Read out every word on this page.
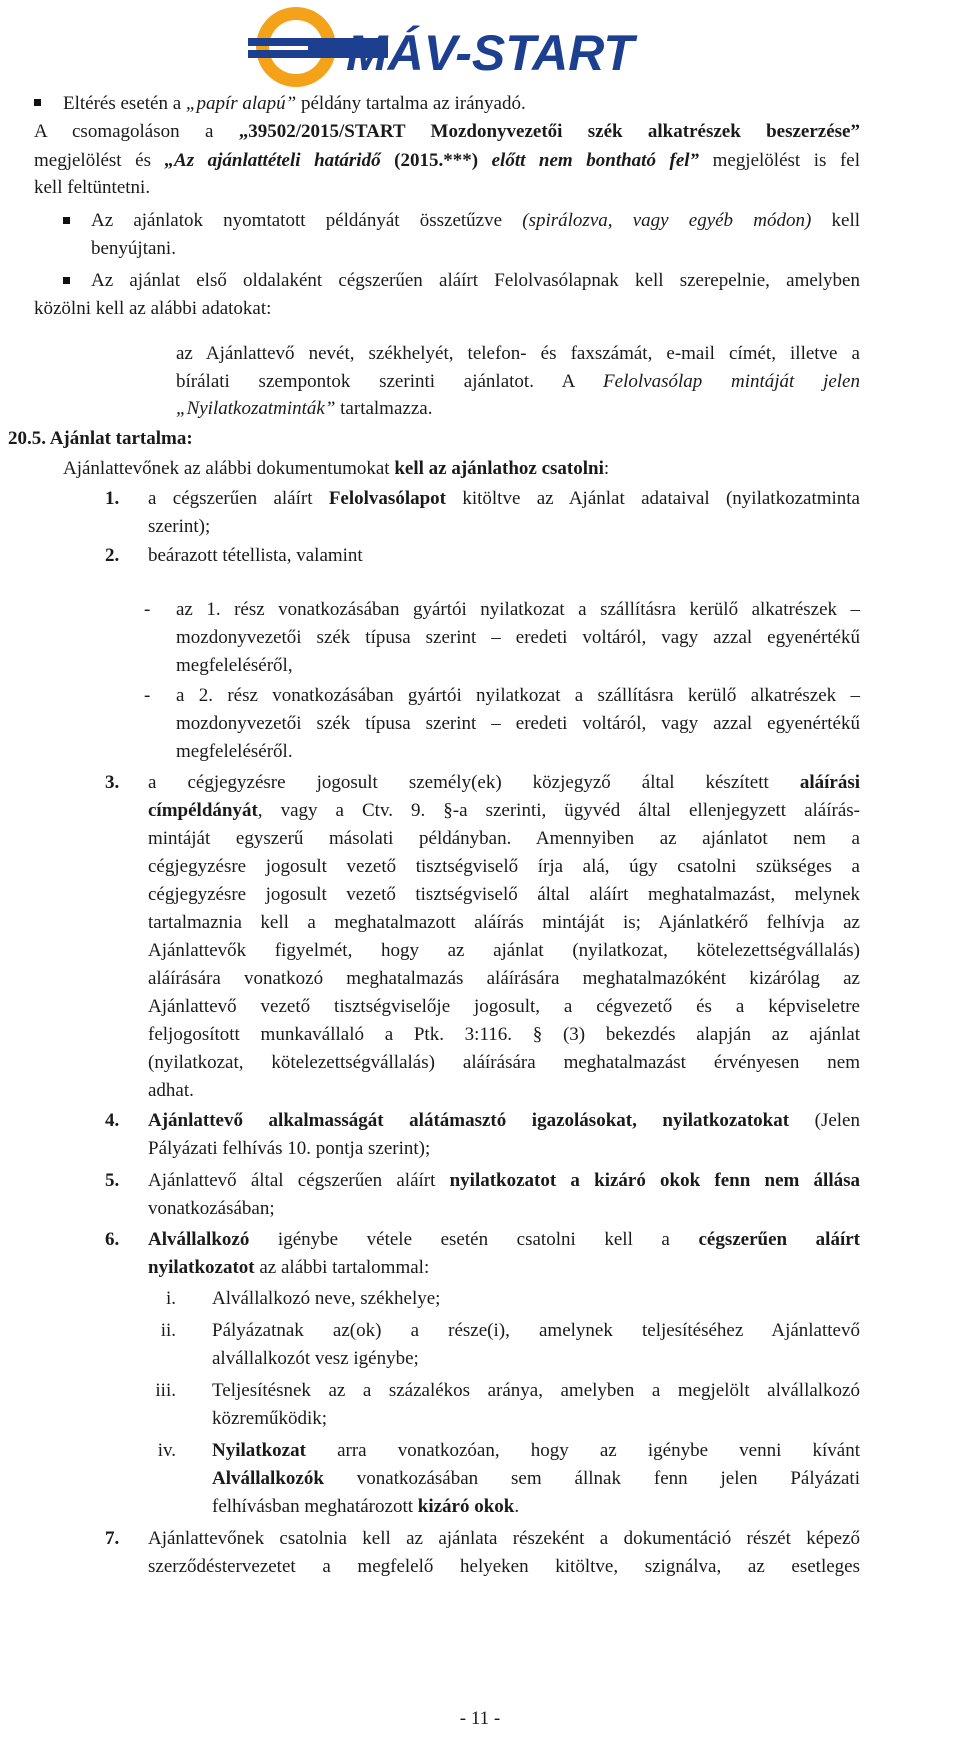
MÁV-START
Eltérés esetén a „papír alapú” példány tartalma az irányadó.
A csomagoláson a „39502/2015/START Mozdonyvezetői szék alkatrészek beszerzése”
megjelölést és „Az ajánlattételi határidő (2015.***) előtt nem bontható fel” megjelölést is fel
kell feltüntetni.
Az ajánlatok nyomtatott példányát összetűzve (spirálozva, vagy egyéb módon) kell
benyújtani.
Az ajánlat első oldalaként cégszerűen aláírt Felolvasólapnak kell szerepelnie, amelyben
közölni kell az alábbi adatokat:
az Ajánlattevő nevét, székhelyét, telefon- és faxszámát, e-mail címét, illetve a
bírálati szempontok szerinti ajánlatot. A Felolvasólap mintáját jelen
„Nyilatkozatminták” tartalmazza.
20.5. Ajánlat tartalma:
Ajánlattevőnek az alábbi dokumentumokat kell az ajánlathoz csatolni:
1. a cégszerűen aláírt Felolvasólapot kitöltve az Ajánlat adataival (nyilatkozatminta
szerint);
2. beárazott tétellista, valamint
- az 1. rész vonatkozásában gyártói nyilatkozat a szállításra kerülő alkatrészek –
mozdonyvezetői szék típusa szerint – eredeti voltáról, vagy azzal egyenértékű
megfeleléséről,
- a 2. rész vonatkozásában gyártói nyilatkozat a szállításra kerülő alkatrészek –
mozdonyvezetői szék típusa szerint – eredeti voltáról, vagy azzal egyenértékű
megfeleléséről.
3. a cégjegyzésre jogosult személy(ek) közjegyző által készített aláírási
címpéldányát, vagy a Ctv. 9. §-a szerinti, ügyvéd által ellenjegyzett aláírás-
mintáját egyszerű másolati példányban. Amennyiben az ajánlatot nem a
cégjegyzésre jogosult vezető tisztségviselő írja alá, úgy csatolni szükséges a
cégjegyzésre jogosult vezető tisztségviselő által aláírt meghatalmazást, melynek
tartalmaznia kell a meghatalmazott aláírás mintáját is; Ajánlatkérő felhívja az
Ajánlattevők figyelmét, hogy az ajánlat (nyilatkozat, kötelezettségvállalás)
aláírására vonatkozó meghatalmazás aláírására meghatalmazóként kizárólag az
Ajánlattevő vezető tisztségviselője jogosult, a cégvezető és a képviseletre
feljogosított munkavállaló a Ptk. 3:116. § (3) bekezdés alapján az ajánlat
(nyilatkozat, kötelezettségvállalás) aláírására meghatalmazást érvényesen nem
adhat.
4. Ajánlattevő alkalmasságát alátámasztó igazolásokat, nyilatkozatokat (Jelen
Pályázati felhívás 10. pontja szerint);
5. Ajánlattevő által cégszerűen aláírt nyilatkozatot a kizáró okok fenn nem állása
vonatkozásában;
6. Alvállalkozó igénybe vétele esetén csatolni kell a cégszerűen aláírt
nyilatkozatot az alábbi tartalommal:
i. Alvállalkozó neve, székhelye;
ii. Pályázatnak az(ok) a része(i), amelynek teljesítéséhez Ajánlattevő
alvállalkozót vesz igénybe;
iii. Teljesítésnek az a százalékos aránya, amelyben a megjelölt alvállalkozó
közreműködik;
iv. Nyilatkozat arra vonatkozóan, hogy az igénybe venni kívánt
Alvállalkozók vonatkozásában sem állnak fenn jelen Pályázati
felhívásban meghatározott kizáró okok.
7. Ajánlattevőnek csatolnia kell az ajánlata részeként a dokumentáció részét képező
szerződéstervezetet a megfelelő helyeken kitöltve, szignálva, az esetleges
- 11 -
